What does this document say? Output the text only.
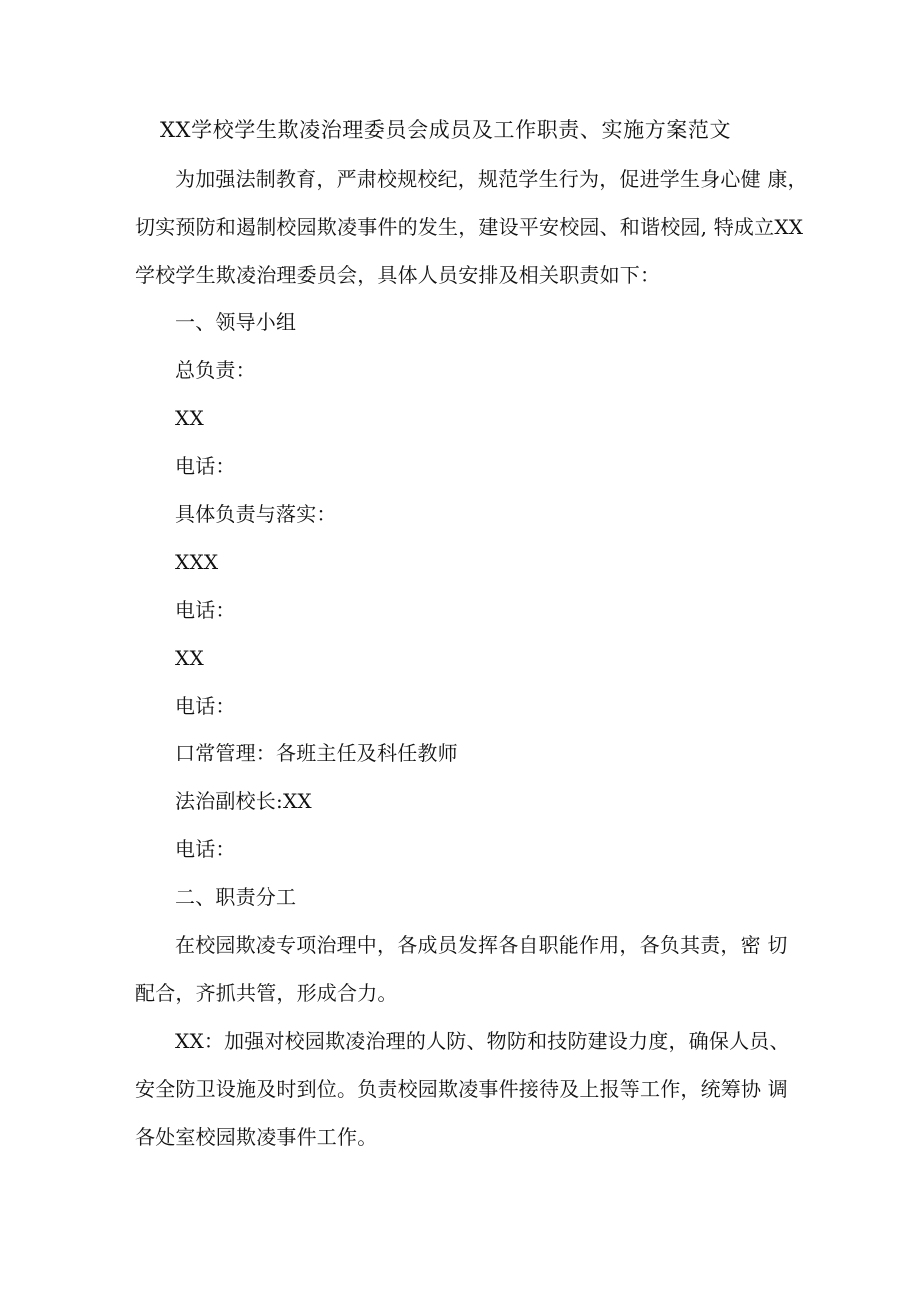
XX学校学生欺凌治理委员会成员及工作职责、实施方案范文
为加强法制教育，严肃校规校纪，规范学生行为，促进学生身心健 康，
切实预防和遏制校园欺凌事件的发生，建设平安校园、和谐校园, 特成立XX
学校学生欺凌治理委员会，具体人员安排及相关职责如下：
一、领导小组
总负责：
XX
电话：
具体负责与落实：
XXX
电话：
XX
电话：
口常管理：各班主任及科任教师
法治副校长:XX
电话：
二、职责分工
在校园欺凌专项治理中，各成员发挥各自职能作用，各负其责，密 切
配合，齐抓共管，形成合力。
XX：加强对校园欺凌治理的人防、物防和技防建设力度，确保人员、
安全防卫设施及时到位。负责校园欺凌事件接待及上报等工作，统筹协 调
各处室校园欺凌事件工作。
